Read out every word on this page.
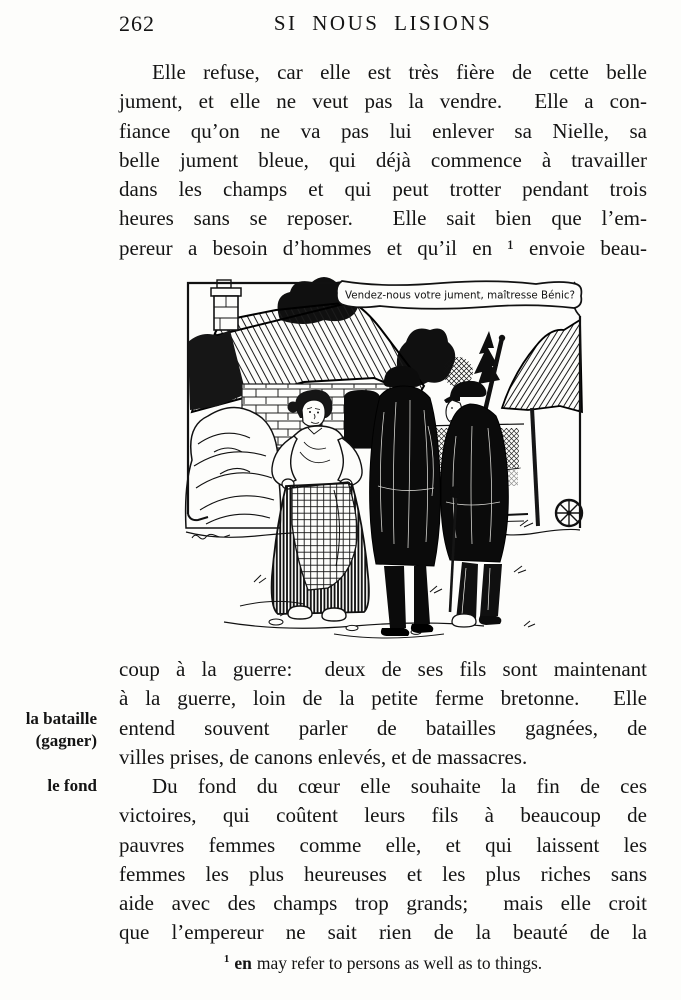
262	SI NOUS LISIONS
Elle refuse, car elle est très fière de cette belle
jument, et elle ne veut pas la vendre.  Elle a con-
fiance qu’on ne va pas lui enlever sa Nielle, sa
belle jument bleue, qui déjà commence à travailler
dans les champs et qui peut trotter pendant trois
heures sans se reposer.  Elle sait bien que l’em-
pereur a besoin d’hommes et qu’il en ¹ envoie beau-
Vendez-nous votre jument, maîtresse Bénic?
coup à la guerre:  deux de ses fils sont maintenant
à la guerre, loin de la petite ferme bretonne.  Elle
entend souvent parler de batailles gagnées, de
villes prises, de canons enlevés, et de massacres.
la bataille
(gagner)
le fond	Du fond du cœur elle souhaite la fin de ces
victoires, qui coûtent leurs fils à beaucoup de
pauvres femmes comme elle, et qui laissent les
femmes les plus heureuses et les plus riches sans
aide avec des champs trop grands;  mais elle croit
que l’empereur ne sait rien de la beauté de la
$^1$ en may refer to persons as well as to things.
